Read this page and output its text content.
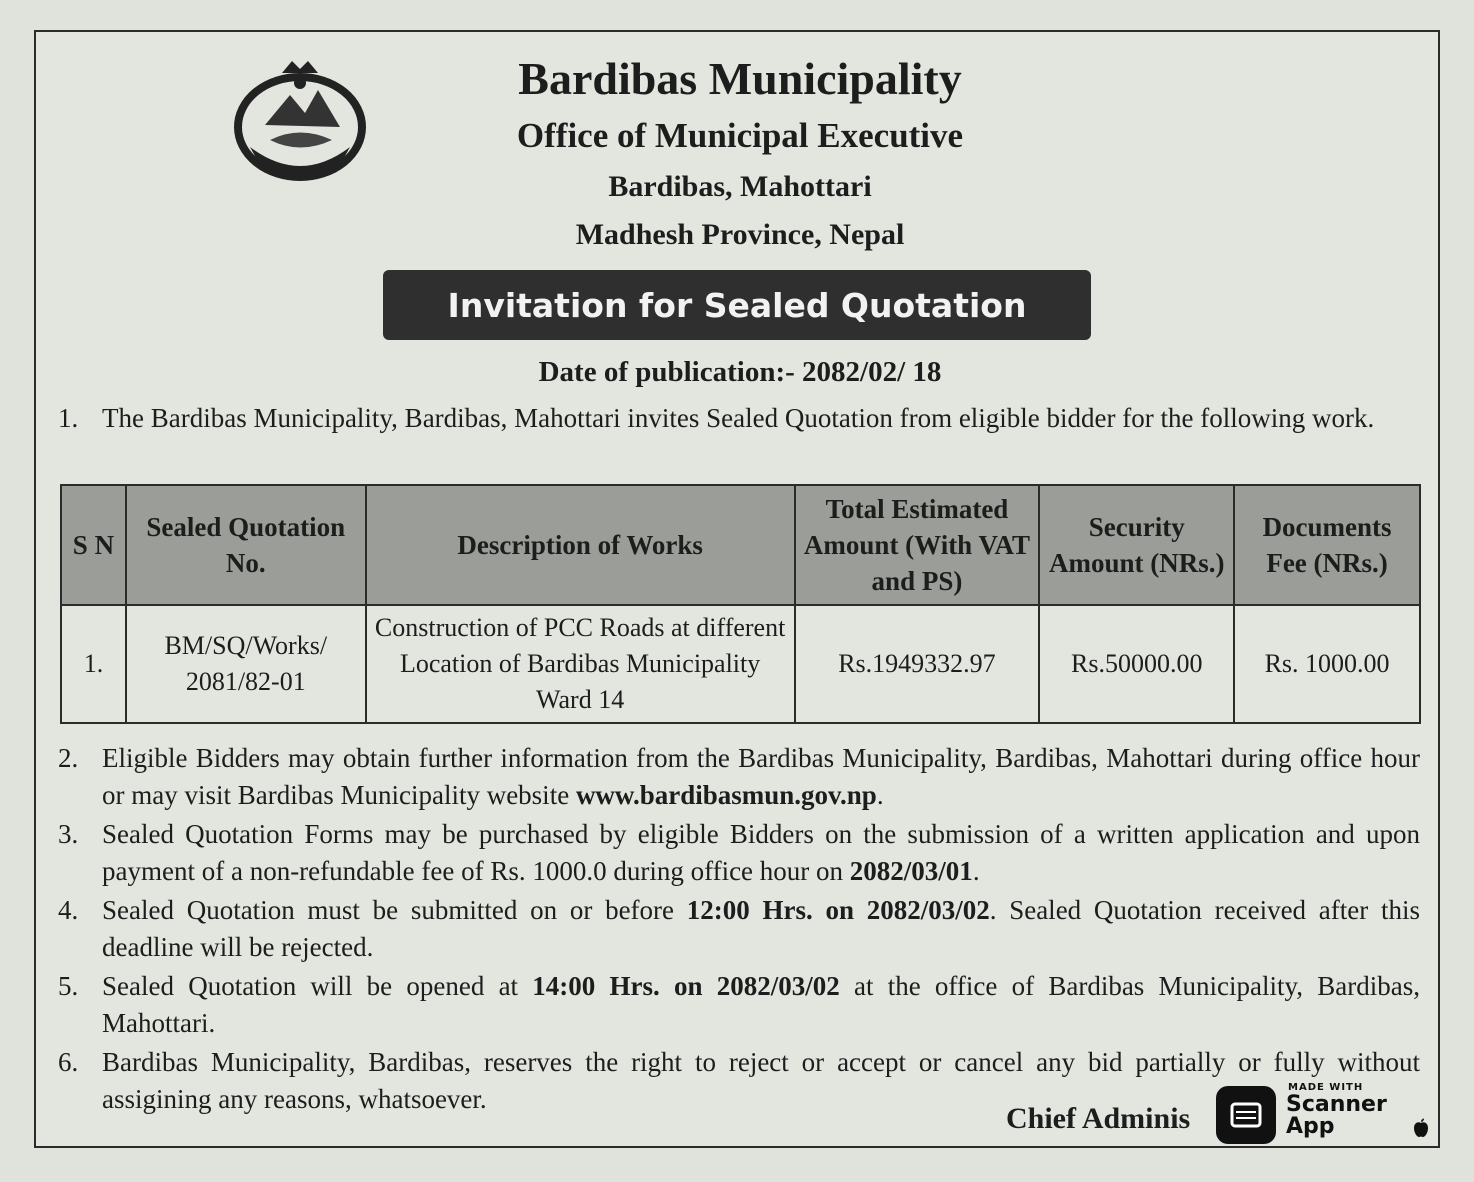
Bardibas Municipality
Office of Municipal Executive
Bardibas, Mahottari
Madhesh Province, Nepal
Invitation for Sealed Quotation
Date of publication:- 2082/02/ 18
1. The Bardibas Municipality, Bardibas, Mahottari invites Sealed Quotation from eligible bidder for the following work.
S N	Sealed Quotation No.	Description of Works	Total Estimated Amount (With VAT and PS)	Security Amount (NRs.)	Documents Fee (NRs.)
1.	BM/SQ/Works/ 2081/82-01	Construction of PCC Roads at different Location of Bardibas Municipality Ward 14	Rs.1949332.97	Rs.50000.00	Rs. 1000.00
2. Eligible Bidders may obtain further information from the Bardibas Municipality, Bardibas, Mahottari during office hour or may visit Bardibas Municipality website www.bardibasmun.gov.np.
3. Sealed Quotation Forms may be purchased by eligible Bidders on the submission of a written application and upon payment of a non-refundable fee of Rs. 1000.0 during office hour on 2082/03/01.
4. Sealed Quotation must be submitted on or before 12:00 Hrs. on 2082/03/02. Sealed Quotation received after this deadline will be rejected.
5. Sealed Quotation will be opened at 14:00 Hrs. on 2082/03/02 at the office of Bardibas Municipality, Bardibas, Mahottari.
6. Bardibas Municipality, Bardibas, reserves the right to reject or accept or cancel any bid partially or fully without assigining any reasons, whatsoever.
Chief Adminis
MADE WITH
Scanner App
